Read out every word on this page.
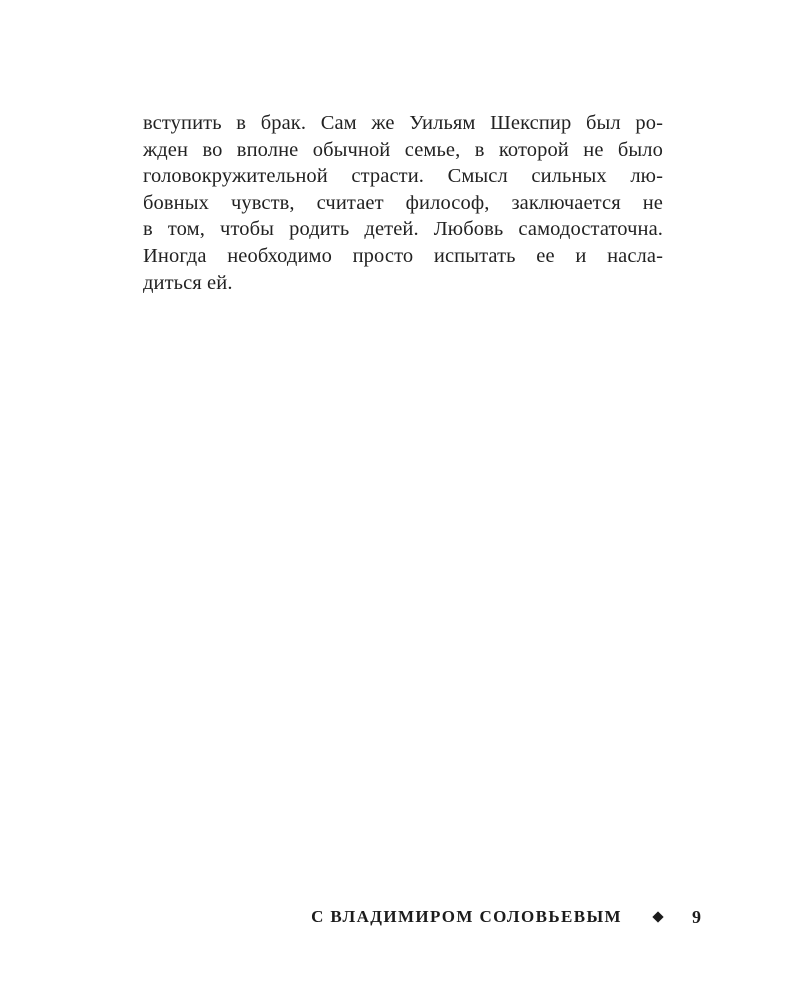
вступить в брак. Сам же Уильям Шекспир был ро-
жден во вполне обычной семье, в которой не было
головокружительной страсти. Смысл сильных лю-
бовных чувств, считает философ, заключается не
в том, чтобы родить детей. Любовь самодостаточна.
Иногда необходимо просто испытать ее и насла-
диться ей.
С ВЛАДИМИРОМ СОЛОВЬЕВЫМ	9
